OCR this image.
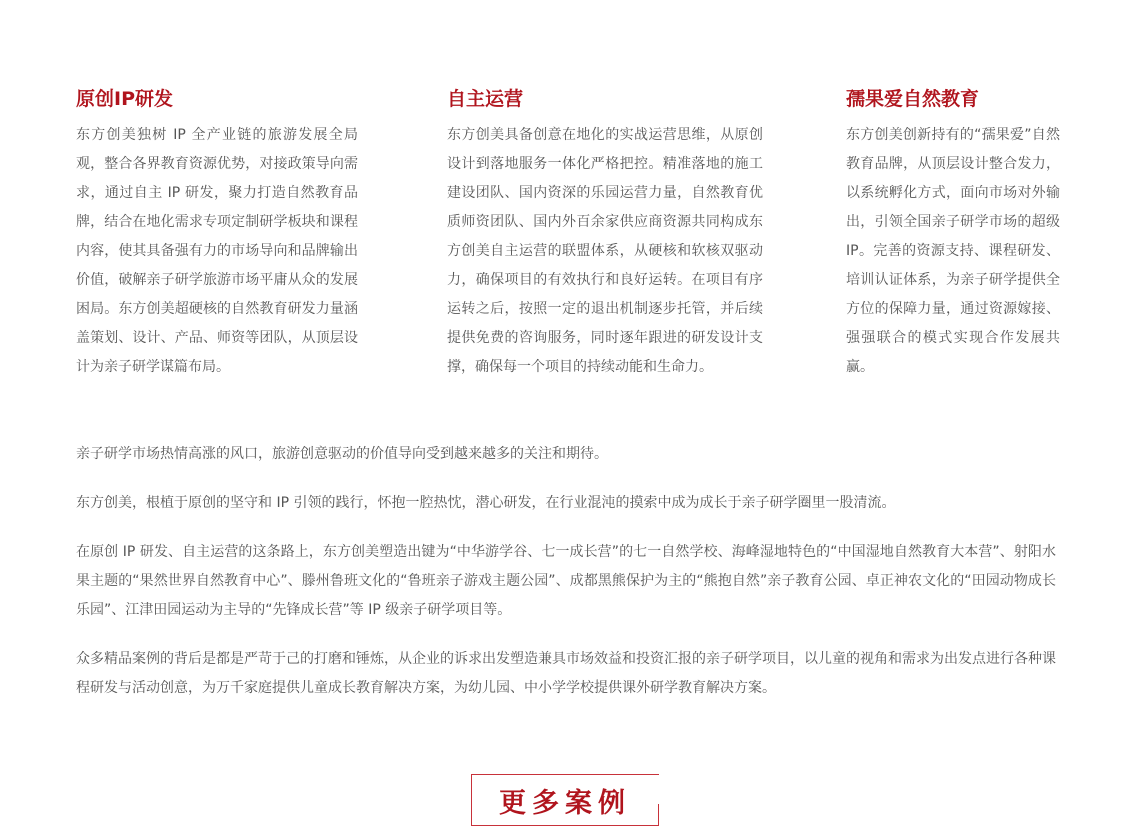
原创IP研发

东方创美独树 IP 全产业链的旅游发展全局观，整合各界教育资源优势，对接政策导向需求，通过自主 IP 研发，聚力打造自然教育品牌，结合在地化需求专项定制研学板块和课程内容，使其具备强有力的市场导向和品牌输出价值，破解亲子研学旅游市场平庸从众的发展困局。东方创美超硬核的自然教育研发力量涵盖策划、设计、产品、师资等团队，从顶层设计为亲子研学谋篇布局。

自主运营

东方创美具备创意在地化的实战运营思维，从原创设计到落地服务一体化严格把控。精准落地的施工建设团队、国内资深的乐园运营力量，自然教育优质师资团队、国内外百余家供应商资源共同构成东方创美自主运营的联盟体系，从硬核和软核双驱动力，确保项目的有效执行和良好运转。在项目有序运转之后，按照一定的退出机制逐步托管，并后续提供免费的咨询服务，同时逐年跟进的研发设计支撑，确保每一个项目的持续动能和生命力。

孺果爱自然教育

东方创美创新持有的“孺果爱”自然教育品牌，从顶层设计整合发力，以系统孵化方式，面向市场对外输出，引领全国亲子研学市场的超级IP。完善的资源支持、课程研发、培训认证体系，为亲子研学提供全方位的保障力量，通过资源嫁接、强强联合的模式实现合作发展共赢。

亲子研学市场热情高涨的风口，旅游创意驱动的价值导向受到越来越多的关注和期待。

东方创美，根植于原创的坚守和 IP 引领的践行，怀抱一腔热忱，潜心研发，在行业混沌的摸索中成为成长于亲子研学圈里一股清流。

在原创 IP 研发、自主运营的这条路上，东方创美塑造出键为“中华游学谷、七一成长营”的七一自然学校、海峰湿地特色的“中国湿地自然教育大本营”、射阳水果主题的“果然世界自然教育中心”、滕州鲁班文化的“鲁班亲子游戏主题公园”、成都黑熊保护为主的“熊抱自然”亲子教育公园、卓正神农文化的“田园动物成长乐园”、江津田园运动为主导的“先锋成长营”等 IP 级亲子研学项目等。

众多精品案例的背后是都是严苛于己的打磨和锤炼，从企业的诉求出发塑造兼具市场效益和投资汇报的亲子研学项目，以儿童的视角和需求为出发点进行各种课程研发与活动创意，为万千家庭提供儿童成长教育解决方案，为幼儿园、中小学学校提供课外研学教育解决方案。

更多案例
